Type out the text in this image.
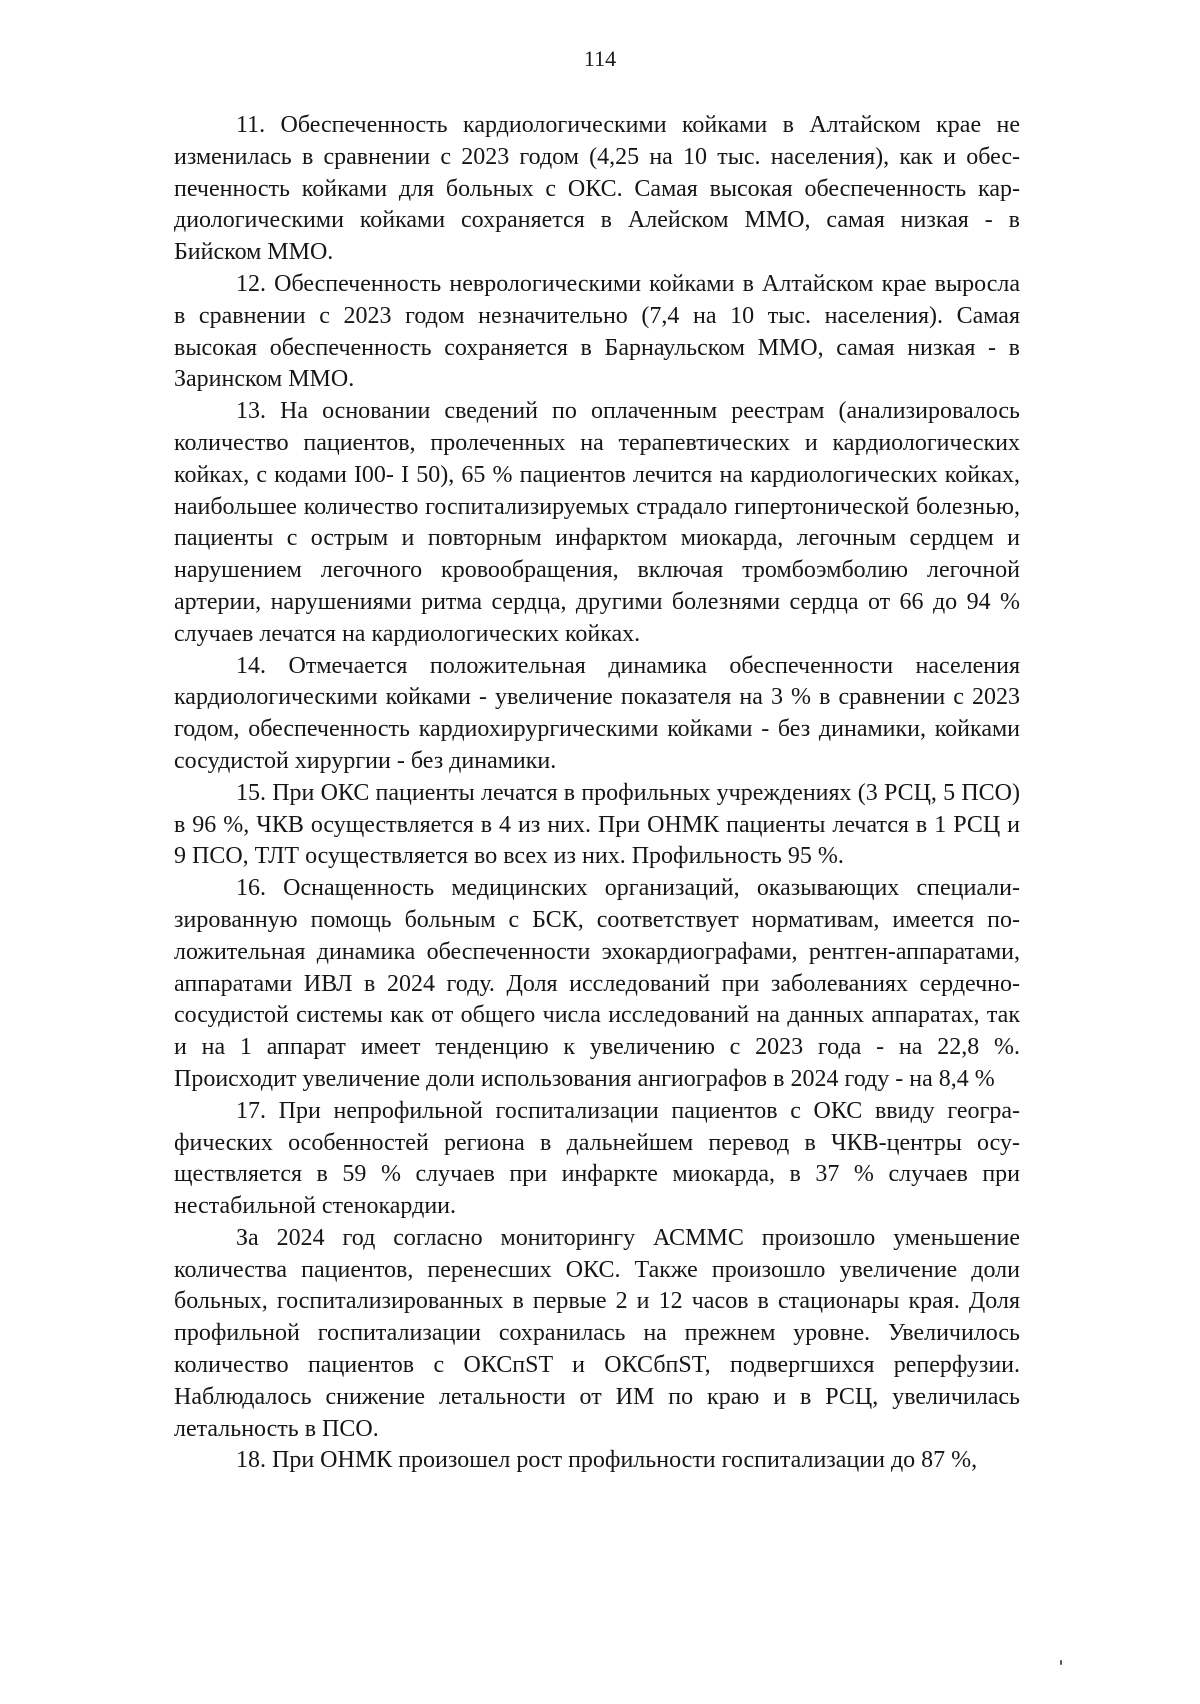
114

11. Обеспеченность кардиологическими койками в Алтайском крае не изменилась в сравнении с 2023 годом (4,25 на 10 тыс. населения), как и обеспеченность койками для больных с ОКС. Самая высокая обеспеченность кардиологическими койками сохраняется в Алейском ММО, самая низкая - в Бийском ММО.

12. Обеспеченность неврологическими койками в Алтайском крае выросла в сравнении с 2023 годом незначительно (7,4 на 10 тыс. населения). Самая высокая обеспеченность сохраняется в Барнаульском ММО, самая низкая - в Заринском ММО.

13. На основании сведений по оплаченным реестрам (анализировалось количество пациентов, пролеченных на терапевтических и кардиологических койках, с кодами I00- I 50), 65 % пациентов лечится на кардиологических койках, наибольшее количество госпитализируемых страдало гипертонической болезнью, пациенты с острым и повторным инфарктом миокарда, легочным сердцем и нарушением легочного кровообращения, включая тромбоэмболию легочной артерии, нарушениями ритма сердца, другими болезнями сердца от 66 до 94 % случаев лечатся на кардиологических койках.

14. Отмечается положительная динамика обеспеченности населения кардиологическими койками - увеличение показателя на 3 % в сравнении с 2023 годом, обеспеченность кардиохирургическими койками - без динамики, койками сосудистой хирургии - без динамики.

15. При ОКС пациенты лечатся в профильных учреждениях (3 РСЦ, 5 ПСО) в 96 %, ЧКВ осуществляется в 4 из них. При ОНМК пациенты лечатся в 1 РСЦ и 9 ПСО, ТЛТ осуществляется во всех из них. Профильность 95 %.

16. Оснащенность медицинских организаций, оказывающих специализированную помощь больным с БСК, соответствует нормативам, имеется положительная динамика обеспеченности эхокардиографами, рентген-аппаратами, аппаратами ИВЛ в 2024 году. Доля исследований при заболеваниях сердечно-сосудистой системы как от общего числа исследований на данных аппаратах, так и на 1 аппарат имеет тенденцию к увеличению с 2023 года - на 22,8 %. Происходит увеличение доли использования ангиографов в 2024 году - на 8,4 %

17. При непрофильной госпитализации пациентов с ОКС ввиду географических особенностей региона в дальнейшем перевод в ЧКВ-центры осуществляется в 59 % случаев при инфаркте миокарда, в 37 % случаев при нестабильной стенокардии.

За 2024 год согласно мониторингу АСММС произошло уменьшение количества пациентов, перенесших ОКС. Также произошло увеличение доли больных, госпитализированных в первые 2 и 12 часов в стационары края. Доля профильной госпитализации сохранилась на прежнем уровне. Увеличилось количество пациентов с ОКСпST и ОКСбпST, подвергшихся реперфузии. Наблюдалось снижение летальности от ИМ по краю и в РСЦ, увеличилась летальность в ПСО.

18. При ОНМК произошел рост профильности госпитализации до 87 %,
